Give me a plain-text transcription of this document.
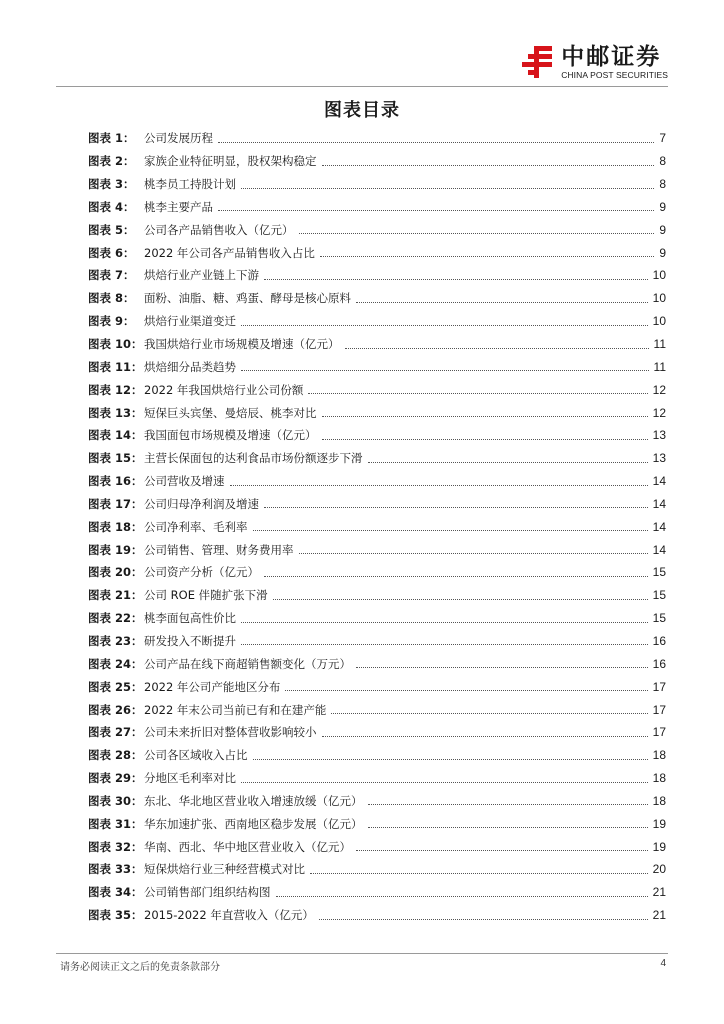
中邮证券
CHINA POST SECURITIES
图表目录
图表 1： 公司发展历程	7
图表 2： 家族企业特征明显，股权架构稳定	8
图表 3： 桃李员工持股计划	8
图表 4： 桃李主要产品	9
图表 5： 公司各产品销售收入（亿元）	9
图表 6： 2022 年公司各产品销售收入占比	9
图表 7： 烘焙行业产业链上下游	10
图表 8： 面粉、油脂、糖、鸡蛋、酵母是核心原料	10
图表 9： 烘焙行业渠道变迁	10
图表 10： 我国烘焙行业市场规模及增速（亿元）	11
图表 11： 烘焙细分品类趋势	11
图表 12： 2022 年我国烘焙行业公司份额	12
图表 13： 短保巨头宾堡、曼焙辰、桃李对比	12
图表 14： 我国面包市场规模及增速（亿元）	13
图表 15： 主营长保面包的达利食品市场份额逐步下滑	13
图表 16： 公司营收及增速	14
图表 17： 公司归母净利润及增速	14
图表 18： 公司净利率、毛利率	14
图表 19： 公司销售、管理、财务费用率	14
图表 20： 公司资产分析（亿元）	15
图表 21： 公司 ROE 伴随扩张下滑	15
图表 22： 桃李面包高性价比	15
图表 23： 研发投入不断提升	16
图表 24： 公司产品在线下商超销售额变化（万元）	16
图表 25： 2022 年公司产能地区分布	17
图表 26： 2022 年末公司当前已有和在建产能	17
图表 27： 公司未来折旧对整体营收影响较小	17
图表 28： 公司各区域收入占比	18
图表 29： 分地区毛利率对比	18
图表 30： 东北、华北地区营业收入增速放缓（亿元）	18
图表 31： 华东加速扩张、西南地区稳步发展（亿元）	19
图表 32： 华南、西北、华中地区营业收入（亿元）	19
图表 33： 短保烘焙行业三种经营模式对比	20
图表 34： 公司销售部门组织结构图	21
图表 35： 2015-2022 年直营收入（亿元）	21
请务必阅读正文之后的免责条款部分	4
